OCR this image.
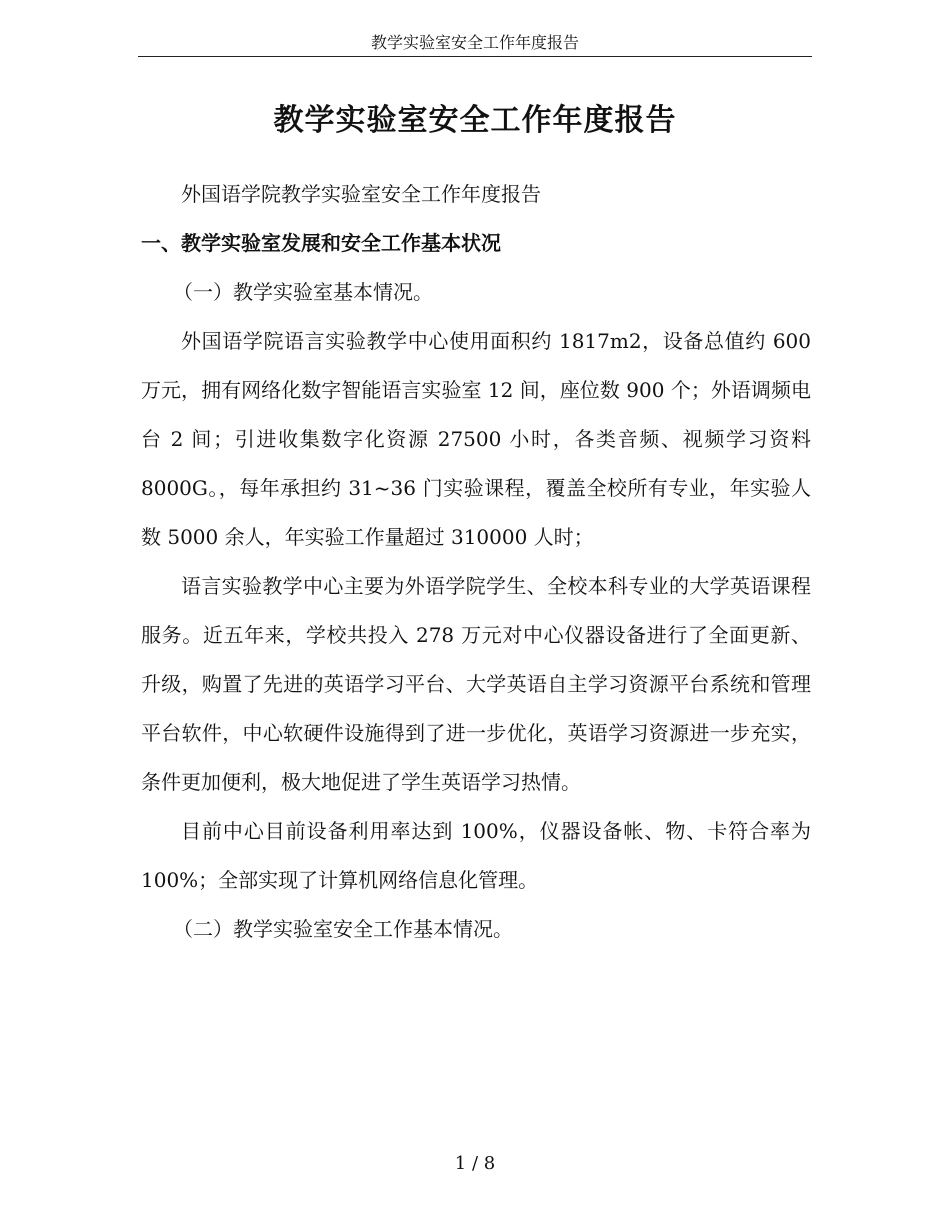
教学实验室安全工作年度报告
教学实验室安全工作年度报告

外国语学院教学实验室安全工作年度报告

一、教学实验室发展和安全工作基本状况

（一）教学实验室基本情况。

外国语学院语言实验教学中心使用面积约 1817m2，设备总值约 600 万元，拥有网络化数字智能语言实验室 12 间，座位数 900 个；外语调频电台 2 间；引进收集数字化资源 27500 小时，各类音频、视频学习资料 8000G。，每年承担约 31~36 门实验课程，覆盖全校所有专业，年实验人数 5000 余人，年实验工作量超过 310000 人时；

语言实验教学中心主要为外语学院学生、全校本科专业的大学英语课程服务。近五年来，学校共投入 278 万元对中心仪器设备进行了全面更新、升级，购置了先进的英语学习平台、大学英语自主学习资源平台系统和管理平台软件，中心软硬件设施得到了进一步优化，英语学习资源进一步充实，条件更加便利，极大地促进了学生英语学习热情。

目前中心目前设备利用率达到 100%，仪器设备帐、物、卡符合率为 100%；全部实现了计算机网络信息化管理。

（二）教学实验室安全工作基本情况。

1 / 8
